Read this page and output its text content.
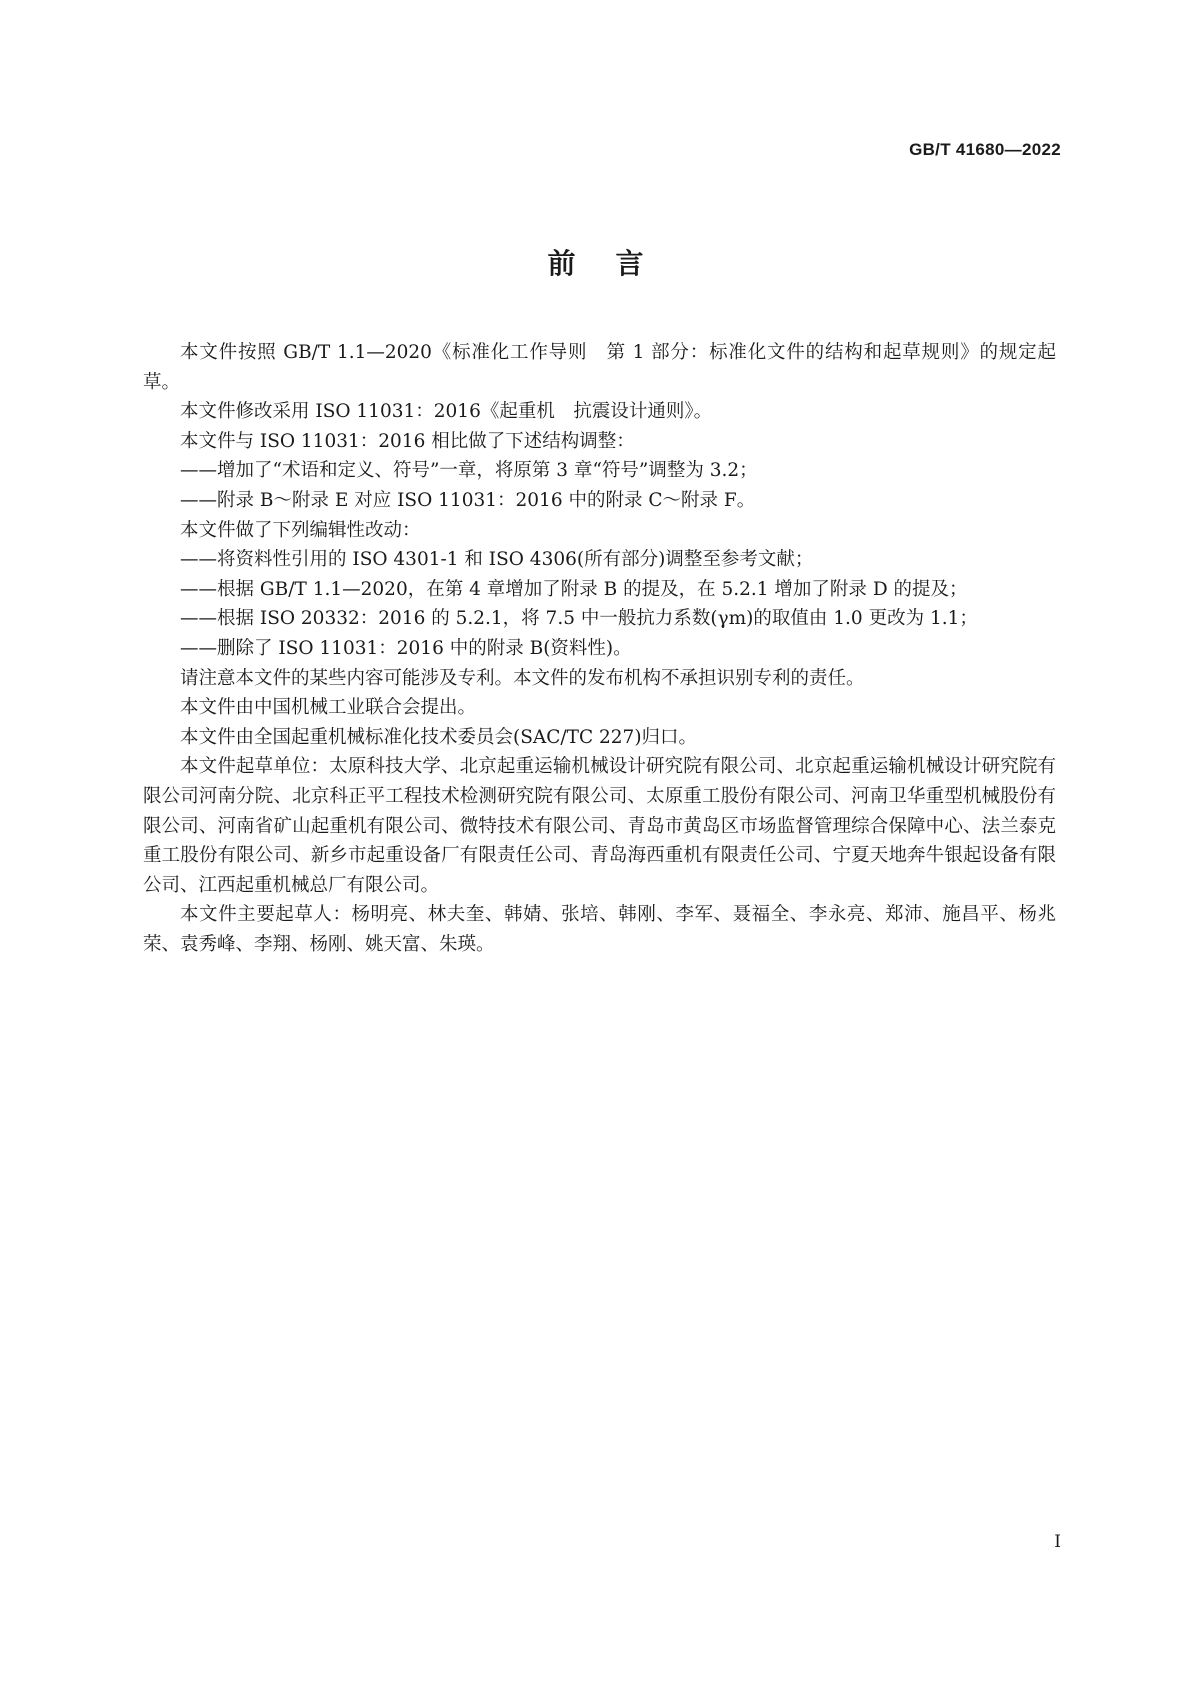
GB/T 41680—2022
前言

本文件按照 GB/T 1.1—2020《标准化工作导则　第 1 部分：标准化文件的结构和起草规则》的规定起草。

本文件修改采用 ISO 11031：2016《起重机　抗震设计通则》。

本文件与 ISO 11031：2016 相比做了下述结构调整：

——增加了“术语和定义、符号”一章，将原第 3 章“符号”调整为 3.2；

——附录 B～附录 E 对应 ISO 11031：2016 中的附录 C～附录 F。

本文件做了下列编辑性改动：

——将资料性引用的 ISO 4301-1 和 ISO 4306(所有部分)调整至参考文献；

——根据 GB/T 1.1—2020，在第 4 章增加了附录 B 的提及，在 5.2.1 增加了附录 D 的提及；

——根据 ISO 20332：2016 的 5.2.1，将 7.5 中一般抗力系数(γm)的取值由 1.0 更改为 1.1；

——删除了 ISO 11031：2016 中的附录 B(资料性)。

请注意本文件的某些内容可能涉及专利。本文件的发布机构不承担识别专利的责任。

本文件由中国机械工业联合会提出。

本文件由全国起重机械标准化技术委员会(SAC/TC 227)归口。

本文件起草单位：太原科技大学、北京起重运输机械设计研究院有限公司、北京起重运输机械设计研究院有限公司河南分院、北京科正平工程技术检测研究院有限公司、太原重工股份有限公司、河南卫华重型机械股份有限公司、河南省矿山起重机有限公司、微特技术有限公司、青岛市黄岛区市场监督管理综合保障中心、法兰泰克重工股份有限公司、新乡市起重设备厂有限责任公司、青岛海西重机有限责任公司、宁夏天地奔牛银起设备有限公司、江西起重机械总厂有限公司。

本文件主要起草人：杨明亮、林夫奎、韩婧、张培、韩刚、李军、聂福全、李永亮、郑沛、施昌平、杨兆荣、袁秀峰、李翔、杨刚、姚天富、朱瑛。

I
